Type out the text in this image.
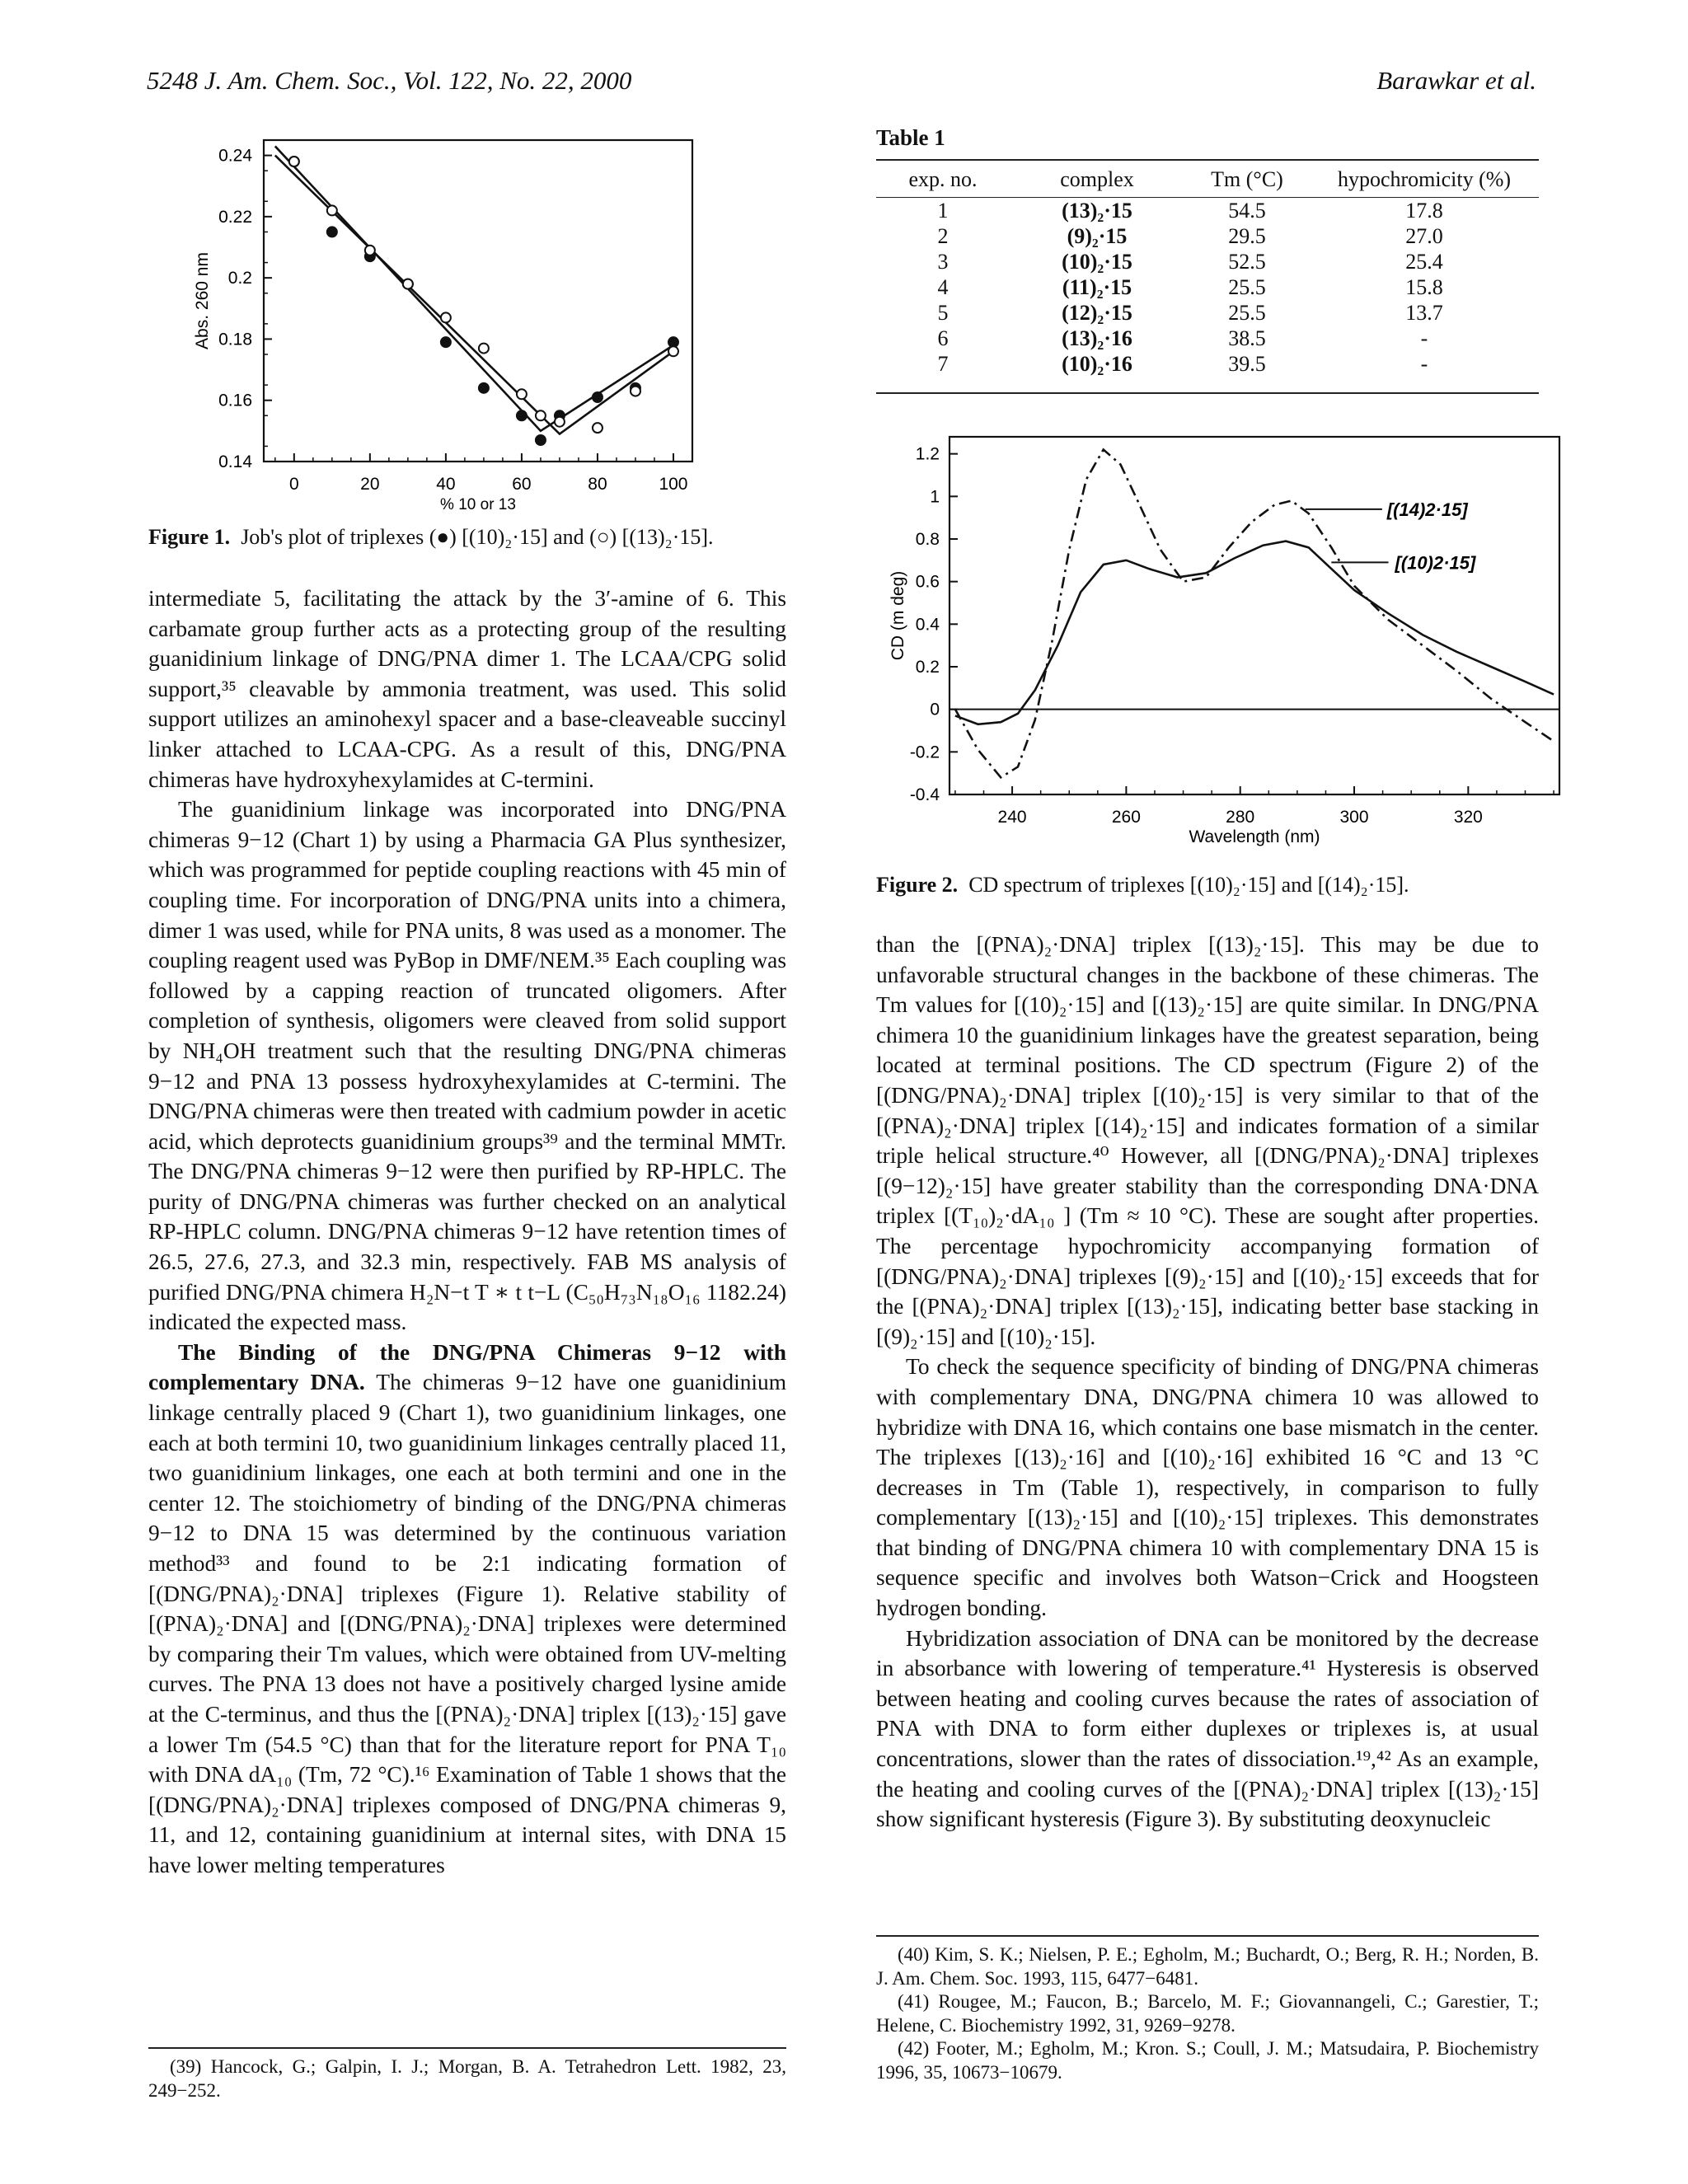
5248 J. Am. Chem. Soc., Vol. 122, No. 22, 2000	Barawkar et al.
0	20	40	60	80	100
0.14
0.16
0.18
0.2
0.22
0.24
% 10 or 13
Abs. 260 nm
Figure 1. Job's plot of triplexes (●) [(10)₂·15] and (○) [(13)₂·15].

intermediate 5, facilitating the attack by the 3′-amine of 6. This carbamate group further acts as a protecting group of the resulting guanidinium linkage of DNG/PNA dimer 1. The LCAA/CPG solid support,³⁵ cleavable by ammonia treatment, was used. This solid support utilizes an aminohexyl spacer and a base-cleaveable succinyl linker attached to LCAA-CPG. As a result of this, DNG/PNA chimeras have hydroxyhexylamides at C-termini.

The guanidinium linkage was incorporated into DNG/PNA chimeras 9−12 (Chart 1) by using a Pharmacia GA Plus synthesizer, which was programmed for peptide coupling reactions with 45 min of coupling time. For incorporation of DNG/PNA units into a chimera, dimer 1 was used, while for PNA units, 8 was used as a monomer. The coupling reagent used was PyBop in DMF/NEM.³⁵ Each coupling was followed by a capping reaction of truncated oligomers. After completion of synthesis, oligomers were cleaved from solid support by NH₄OH treatment such that the resulting DNG/PNA chimeras 9−12 and PNA 13 possess hydroxyhexylamides at C-termini. The DNG/PNA chimeras were then treated with cadmium powder in acetic acid, which deprotects guanidinium groups³⁹ and the terminal MMTr. The DNG/PNA chimeras 9−12 were then purified by RP-HPLC. The purity of DNG/PNA chimeras was further checked on an analytical RP-HPLC column. DNG/PNA chimeras 9−12 have retention times of 26.5, 27.6, 27.3, and 32.3 min, respectively. FAB MS analysis of purified DNG/PNA chimera H₂N−t T ∗ t t−L (C₅₀H₇₃N₁₈O₁₆ 1182.24) indicated the expected mass.

The Binding of the DNG/PNA Chimeras 9−12 with complementary DNA. The chimeras 9−12 have one guanidinium linkage centrally placed 9 (Chart 1), two guanidinium linkages, one each at both termini 10, two guanidinium linkages centrally placed 11, two guanidinium linkages, one each at both termini and one in the center 12. The stoichiometry of binding of the DNG/PNA chimeras 9−12 to DNA 15 was determined by the continuous variation method³³ and found to be 2:1 indicating formation of [(DNG/PNA)₂·DNA] triplexes (Figure 1). Relative stability of [(PNA)₂·DNA] and [(DNG/PNA)₂·DNA] triplexes were determined by comparing their Tm values, which were obtained from UV-melting curves. The PNA 13 does not have a positively charged lysine amide at the C-terminus, and thus the [(PNA)₂·DNA] triplex [(13)₂·15] gave a lower Tm (54.5 °C) than that for the literature report for PNA T₁₀ with DNA dA₁₀ (Tm, 72 °C).¹⁶ Examination of Table 1 shows that the [(DNG/PNA)₂·DNA] triplexes composed of DNG/PNA chimeras 9, 11, and 12, containing guanidinium at internal sites, with DNA 15 have lower melting temperatures

(39) Hancock, G.; Galpin, I. J.; Morgan, B. A. Tetrahedron Lett. 1982, 23, 249−252.

Table 1
exp. no.	complex	Tm (°C)	hypochromicity (%)
1	(13)₂·15	54.5	17.8
2	(9)₂·15	29.5	27.0
3	(10)₂·15	52.5	25.4
4	(11)₂·15	25.5	15.8
5	(12)₂·15	25.5	13.7
6	(13)₂·16	38.5	-
7	(10)₂·16	39.5	-
240	260	280	300	320
-0.4
-0.2
0
0.2
0.4
0.6
0.8
1
1.2
Wavelength (nm)
CD (m deg)
[(14)2·15]
[(10)2·15]
Figure 2. CD spectrum of triplexes [(10)₂·15] and [(14)₂·15].

than the [(PNA)₂·DNA] triplex [(13)₂·15]. This may be due to unfavorable structural changes in the backbone of these chimeras. The Tm values for [(10)₂·15] and [(13)₂·15] are quite similar. In DNG/PNA chimera 10 the guanidinium linkages have the greatest separation, being located at terminal positions. The CD spectrum (Figure 2) of the [(DNG/PNA)₂·DNA] triplex [(10)₂·15] is very similar to that of the [(PNA)₂·DNA] triplex [(14)₂·15] and indicates formation of a similar triple helical structure.⁴⁰ However, all [(DNG/PNA)₂·DNA] triplexes [(9−12)₂·15] have greater stability than the corresponding DNA·DNA triplex [(T₁₀)₂·dA₁₀ ] (Tm ≈ 10 °C). These are sought after properties. The percentage hypochromicity accompanying formation of [(DNG/PNA)₂·DNA] triplexes [(9)₂·15] and [(10)₂·15] exceeds that for the [(PNA)₂·DNA] triplex [(13)₂·15], indicating better base stacking in [(9)₂·15] and [(10)₂·15].

To check the sequence specificity of binding of DNG/PNA chimeras with complementary DNA, DNG/PNA chimera 10 was allowed to hybridize with DNA 16, which contains one base mismatch in the center. The triplexes [(13)₂·16] and [(10)₂·16] exhibited 16 °C and 13 °C decreases in Tm (Table 1), respectively, in comparison to fully complementary [(13)₂·15] and [(10)₂·15] triplexes. This demonstrates that binding of DNG/PNA chimera 10 with complementary DNA 15 is sequence specific and involves both Watson−Crick and Hoogsteen hydrogen bonding.

Hybridization association of DNA can be monitored by the decrease in absorbance with lowering of temperature.⁴¹ Hysteresis is observed between heating and cooling curves because the rates of association of PNA with DNA to form either duplexes or triplexes is, at usual concentrations, slower than the rates of dissociation.¹⁹,⁴² As an example, the heating and cooling curves of the [(PNA)₂·DNA] triplex [(13)₂·15] show significant hysteresis (Figure 3). By substituting deoxynucleic

(40) Kim, S. K.; Nielsen, P. E.; Egholm, M.; Buchardt, O.; Berg, R. H.; Norden, B. J. Am. Chem. Soc. 1993, 115, 6477−6481.

(41) Rougee, M.; Faucon, B.; Barcelo, M. F.; Giovannangeli, C.; Garestier, T.; Helene, C. Biochemistry 1992, 31, 9269−9278.

(42) Footer, M.; Egholm, M.; Kron. S.; Coull, J. M.; Matsudaira, P. Biochemistry 1996, 35, 10673−10679.
